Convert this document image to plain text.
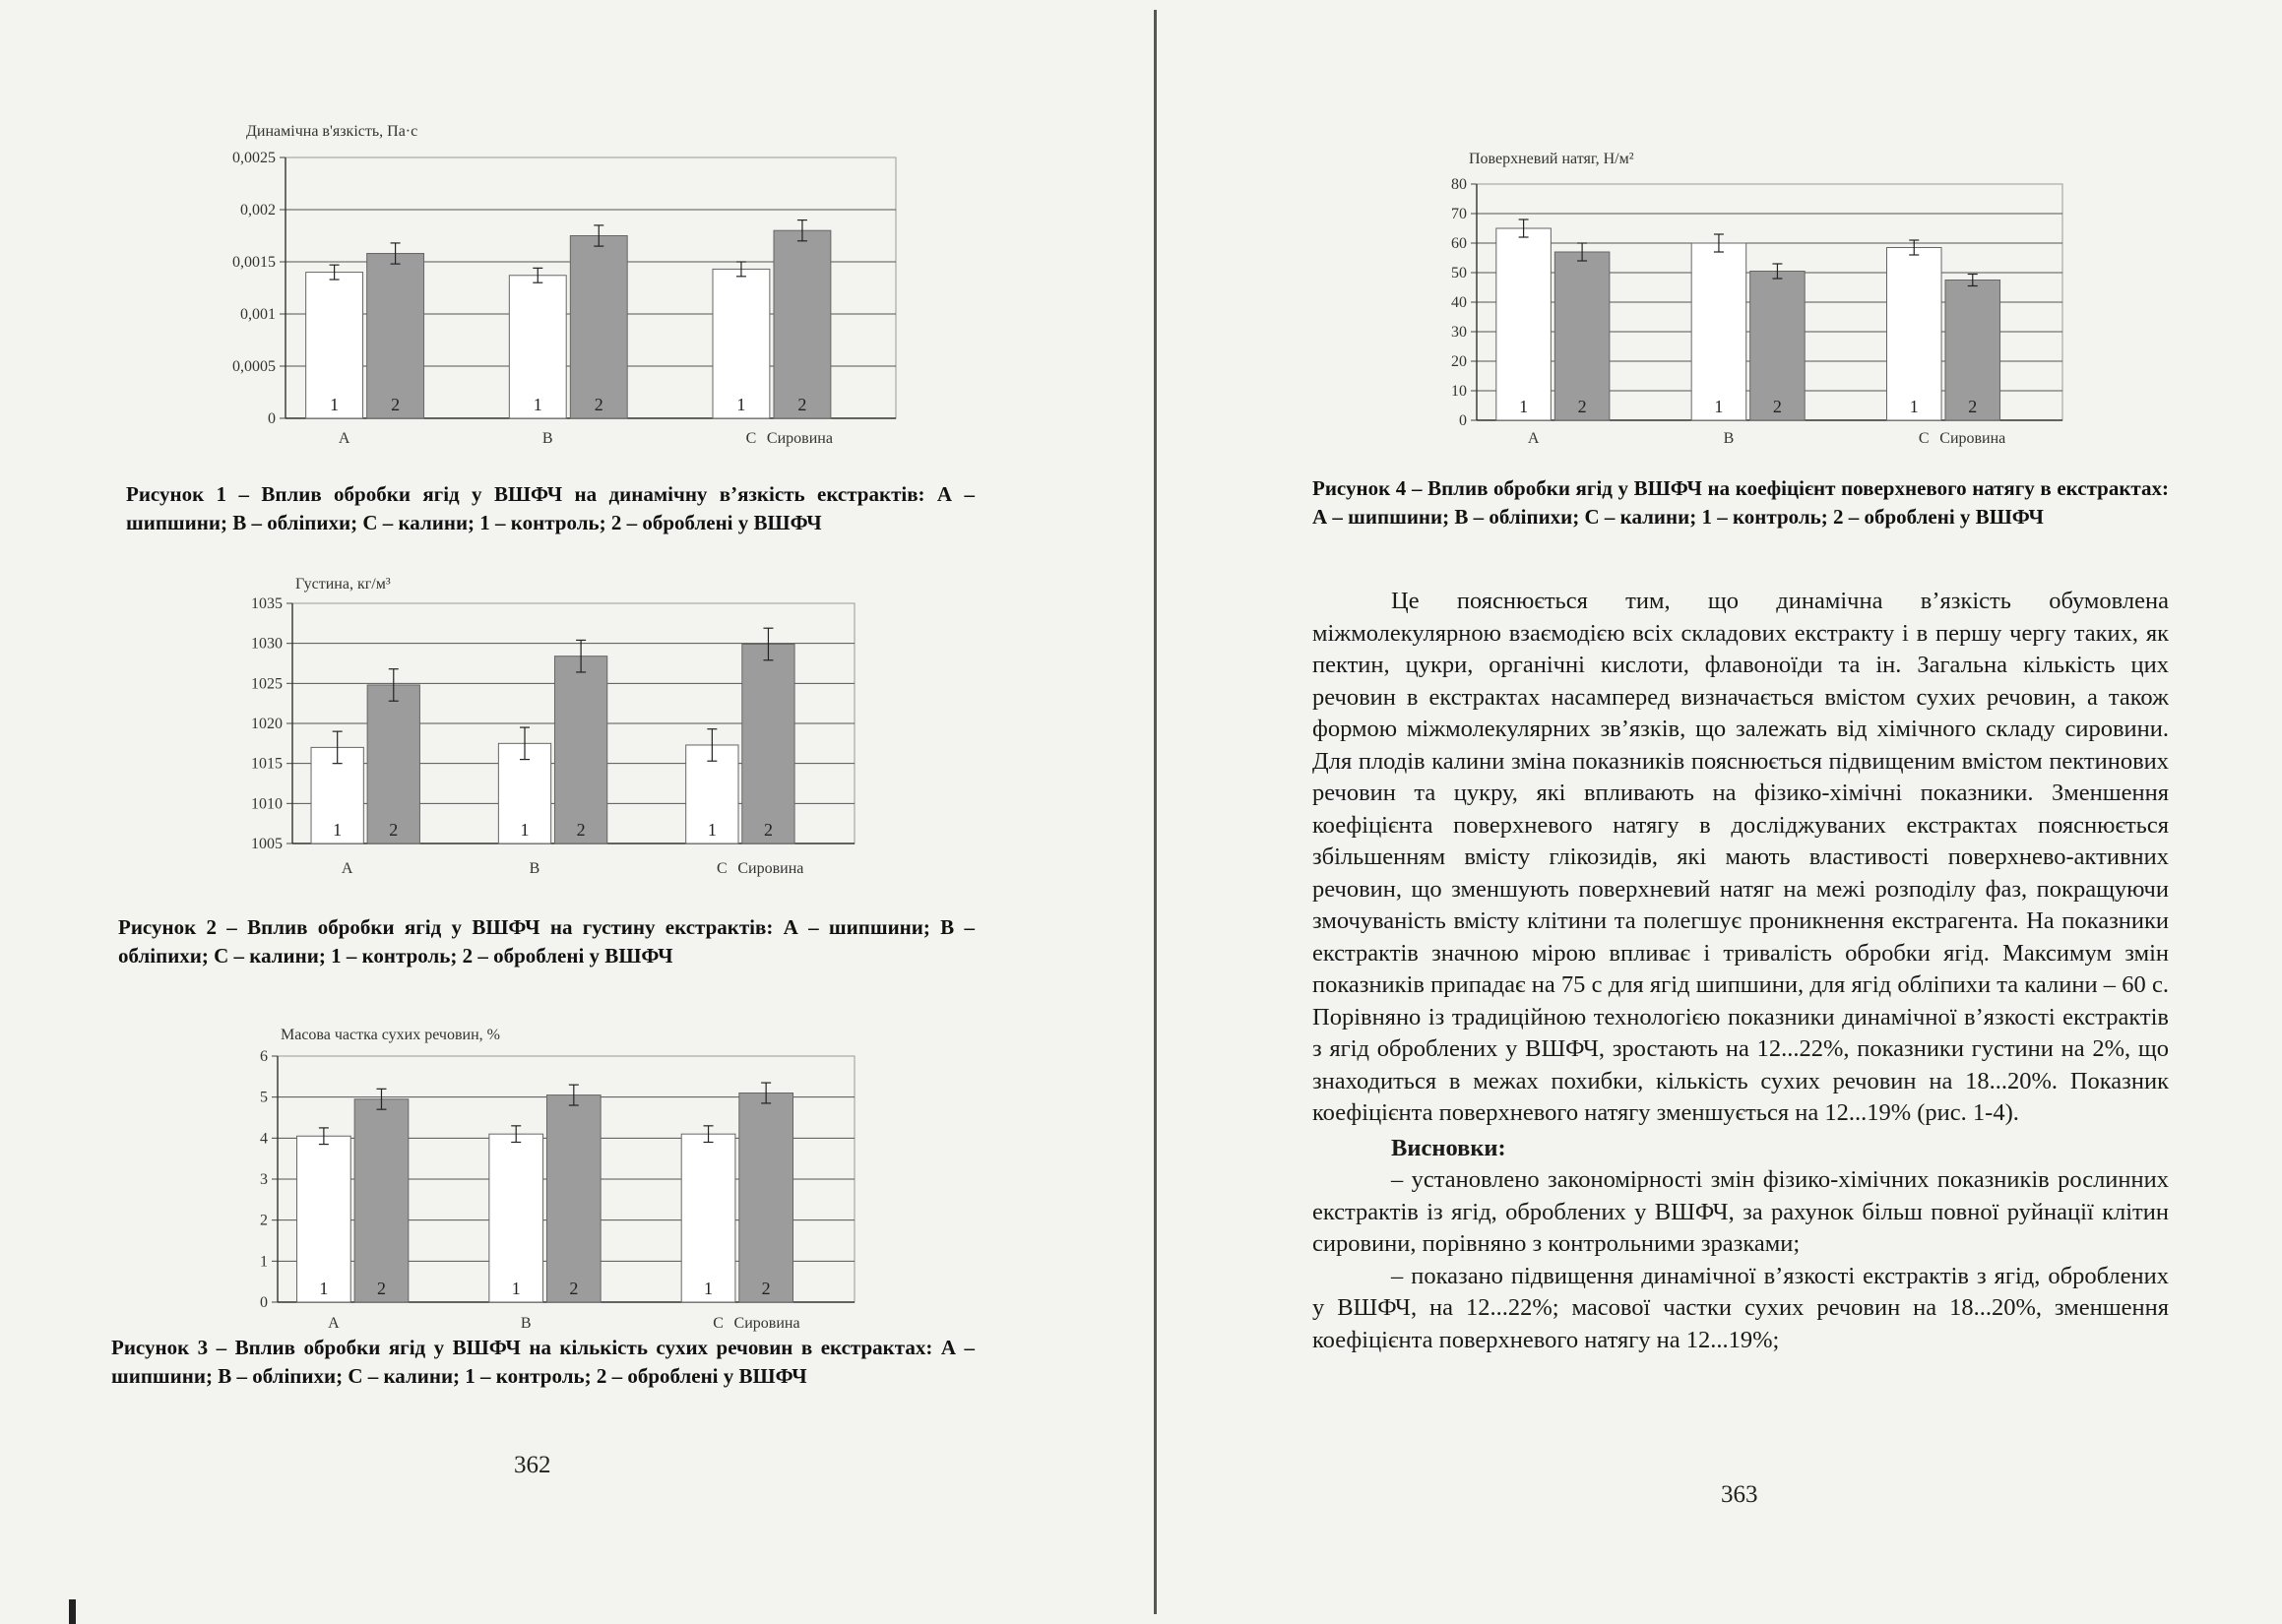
Динамічна в'язкість, Па·с
0
0,0005
0,001
0,0015
0,002
0,0025
1	2
A
1	2
B
1	2
C Сировина
Рисунок 1 – Вплив обробки ягід у ВШФЧ на динамічну в’язкість екстрактів: А – шипшини; В – обліпихи; С – калини; 1 – контроль; 2 – оброблені у ВШФЧ
Густина, кг/м³
1005
1010
1015
1020
1025
1030
1035
1	2
A
1	2
B
1	2
C Сировина
Рисунок 2 – Вплив обробки ягід у ВШФЧ на густину екстрактів: А – шипшини; В – обліпихи; С – калини; 1 – контроль; 2 – оброблені у ВШФЧ
Масова частка сухих речовин, %
0
1
2
3
4
5
6
1	2
A
1	2
B
1	2
C Сировина
Рисунок 3 – Вплив обробки ягід у ВШФЧ на кількість сухих речовин в екстрактах: А – шипшини; В – обліпихи; С – калини; 1 – контроль; 2 – оброблені у ВШФЧ
362
Поверхневий натяг, Н/м²
0
10
20
30
40
50
60
70
80
1	2
A
1	2
B
1	2
C Сировина
Рисунок 4 – Вплив обробки ягід у ВШФЧ на коефіцієнт поверхневого натягу в екстрактах: А – шипшини; В – обліпихи; С – калини; 1 – контроль; 2 – оброблені у ВШФЧ

Це пояснюється тим, що динамічна в’язкість обумовлена міжмолекулярною взаємодією всіх складових екстракту і в першу чергу таких, як пектин, цукри, органічні кислоти, флавоноїди та ін. Загальна кількість цих речовин в екстрактах насамперед визначається вмістом сухих речовин, а також формою міжмолекулярних зв’язків, що залежать від хімічного складу сировини. Для плодів калини зміна показників пояснюється підвищеним вмістом пектинових речовин та цукру, які впливають на фізико-хімічні показники. Зменшення коефіцієнта поверхневого натягу в досліджуваних екстрактах пояснюється збільшенням вмісту глікозидів, які мають властивості поверхнево-активних речовин, що зменшують поверхневий натяг на межі розподілу фаз, покращуючи змочуваність вмісту клітини та полегшує проникнення екстрагента. На показники екстрактів значною мірою впливає і тривалість обробки ягід. Максимум змін показників припадає на 75 с для ягід шипшини, для ягід обліпихи та калини – 60 с. Порівняно із традиційною технологією показники динамічної в’язкості екстрактів з ягід оброблених у ВШФЧ, зростають на 12...22%, показники густини на 2%, що знаходиться в межах похибки, кількість сухих речовин на 18...20%. Показник коефіцієнта поверхневого натягу зменшується на 12...19% (рис. 1-4).

Висновки:

– установлено закономірності змін фізико-хімічних показників рослинних екстрактів із ягід, оброблених у ВШФЧ, за рахунок більш повної руйнації клітин сировини, порівняно з контрольними зразками;

– показано підвищення динамічної в’язкості екстрактів з ягід, оброблених у ВШФЧ, на 12...22%; масової частки сухих речовин на 18...20%, зменшення коефіцієнта поверхневого натягу на 12...19%;

363
